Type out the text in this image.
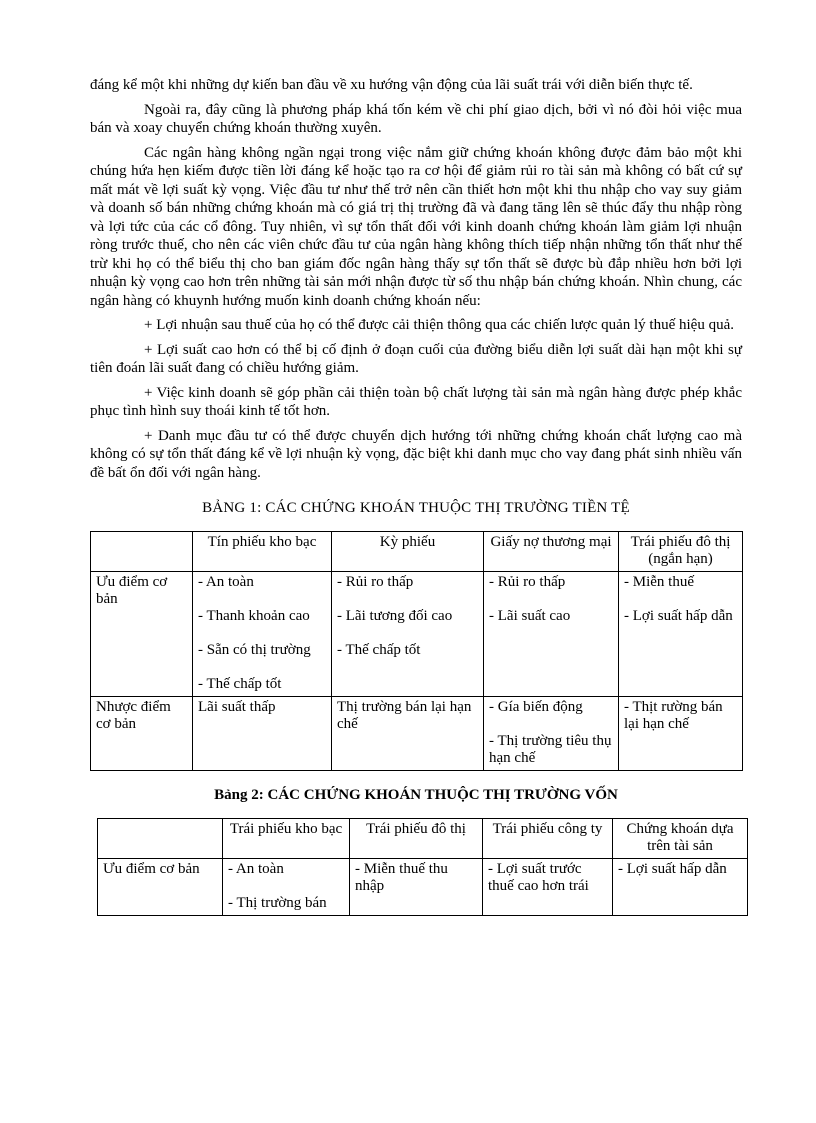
đáng kể một khi những dự kiến ban đầu về xu hướng vận động của lãi suất trái với diễn biến thực tế.

Ngoài ra, đây cũng là phương pháp khá tốn kém về chi phí giao dịch, bởi vì nó đòi hỏi việc mua bán và xoay chuyển chứng khoán thường xuyên.

Các ngân hàng không ngần ngại trong việc nắm giữ chứng khoán không được đảm bảo một khi chúng hứa hẹn kiếm được tiền lời đáng kể hoặc tạo ra cơ hội để giảm rủi ro tài sản mà không có bất cứ sự mất mát về lợi suất kỳ vọng. Việc đầu tư như thế trở nên cần thiết hơn một khi thu nhập cho vay suy giảm và doanh số bán những chứng khoán mà có giá trị thị trường đã và đang tăng lên sẽ thúc đẩy thu nhập ròng và lợi tức của các cổ đông. Tuy nhiên, vì sự tổn thất đối với kinh doanh chứng khoán làm giảm lợi nhuận ròng trước thuế, cho nên các viên chức đầu tư của ngân hàng không thích tiếp nhận những tổn thất như thế trừ khi họ có thể biểu thị cho ban giám đốc ngân hàng thấy sự tổn thất sẽ được bù đắp nhiều hơn bởi lợi nhuận kỳ vọng cao hơn trên những tài sản mới nhận được từ số thu nhập bán chứng khoán. Nhìn chung, các ngân hàng có khuynh hướng muốn kinh doanh chứng khoán nếu:

+ Lợi nhuận sau thuế của họ có thể được cải thiện thông qua các chiến lược quản lý thuế hiệu quả.

+ Lợi suất cao hơn có thể bị cố định ở đoạn cuối của đường biểu diễn lợi suất dài hạn một khi sự tiên đoán lãi suất đang có chiều hướng giảm.

+ Việc kinh doanh sẽ góp phần cải thiện toàn bộ chất lượng tài sản mà ngân hàng được phép khắc phục tình hình suy thoái kinh tế tốt hơn.

+ Danh mục đầu tư có thể được chuyển dịch hướng tới những chứng khoán chất lượng cao mà không có sự tổn thất đáng kể về lợi nhuận kỳ vọng, đặc biệt khi danh mục cho vay đang phát sinh nhiều vấn đề bất ổn đối với ngân hàng.

BẢNG 1: CÁC CHỨNG KHOÁN THUỘC THỊ TRƯỜNG TIỀN TỆ
	Tín phiếu kho bạc	Kỳ phiếu	Giấy nợ thương mại	Trái phiếu đô thị (ngắn hạn)
Ưu điểm cơ bản	- An toàn
- Thanh khoản cao
- Sẵn có thị trường
- Thế chấp tốt	- Rủi ro thấp
- Lãi tương đối cao
- Thế chấp tốt	- Rủi ro thấp
- Lãi suất cao	- Miễn thuế
- Lợi suất hấp dẫn

Nhược điểm cơ bản	Lãi suất thấp	Thị trường bán lại hạn chế	- Gía biến động
- Thị trường tiêu thụ hạn chế	- Thịt rường bán lại hạn chế
Bảng 2: CÁC CHỨNG KHOÁN THUỘC THỊ TRƯỜNG VỐN
	Trái phiếu kho bạc	Trái phiếu đô thị	Trái phiếu công ty	Chứng khoán dựa trên tài sản
Ưu điểm cơ bản	- An toàn
- Thị trường bán	- Miễn thuế thu nhập	- Lợi suất trước thuế cao hơn trái	- Lợi suất hấp dẫn
